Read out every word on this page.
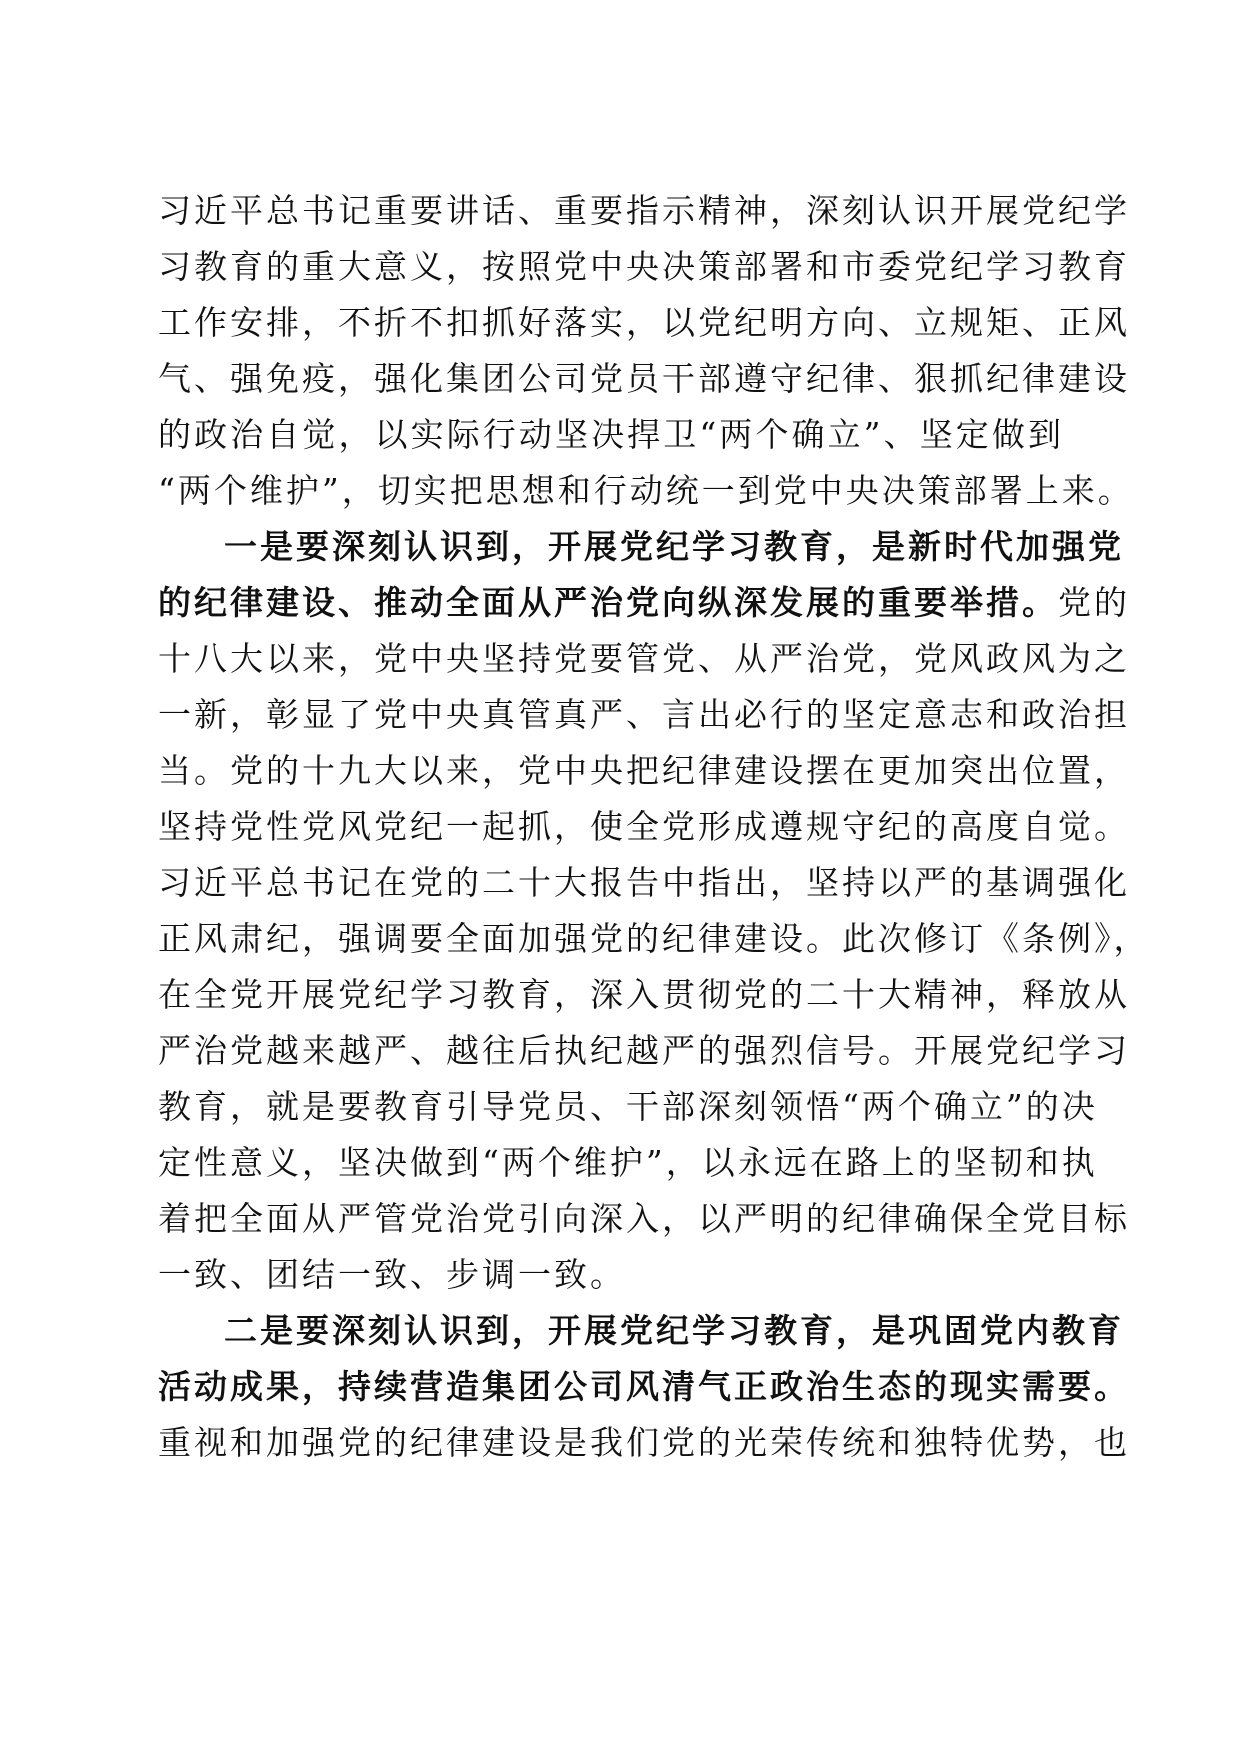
习近平总书记重要讲话、重要指示精神，深刻认识开展党纪学
习教育的重大意义，按照党中央决策部署和市委党纪学习教育
工作安排，不折不扣抓好落实，以党纪明方向、立规矩、正风
气、强免疫，强化集团公司党员干部遵守纪律、狠抓纪律建设
的政治自觉，以实际行动坚决捍卫“两个确立”、坚定做到
“两个维护”，切实把思想和行动统一到党中央决策部署上来。
一是要深刻认识到，开展党纪学习教育，是新时代加强党
的纪律建设、推动全面从严治党向纵深发展的重要举措。党的
十八大以来，党中央坚持党要管党、从严治党，党风政风为之
一新，彰显了党中央真管真严、言出必行的坚定意志和政治担
当。党的十九大以来，党中央把纪律建设摆在更加突出位置，
坚持党性党风党纪一起抓，使全党形成遵规守纪的高度自觉。
习近平总书记在党的二十大报告中指出，坚持以严的基调强化
正风肃纪，强调要全面加强党的纪律建设。此次修订《条例》，
在全党开展党纪学习教育，深入贯彻党的二十大精神，释放从
严治党越来越严、越往后执纪越严的强烈信号。开展党纪学习
教育，就是要教育引导党员、干部深刻领悟“两个确立”的决
定性意义，坚决做到“两个维护”，以永远在路上的坚韧和执
着把全面从严管党治党引向深入，以严明的纪律确保全党目标
一致、团结一致、步调一致。
二是要深刻认识到，开展党纪学习教育，是巩固党内教育
活动成果，持续营造集团公司风清气正政治生态的现实需要。
重视和加强党的纪律建设是我们党的光荣传统和独特优势，也
